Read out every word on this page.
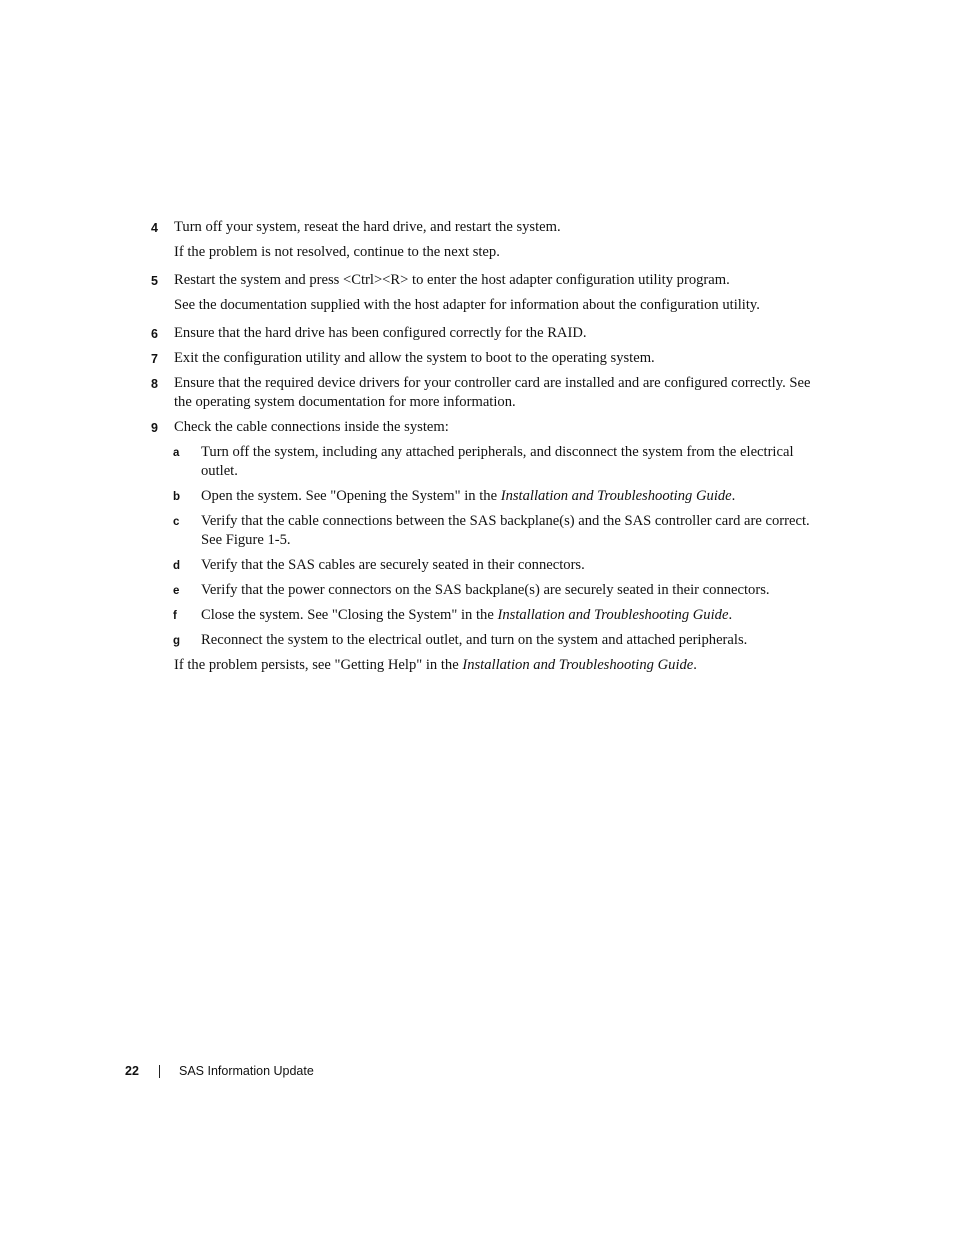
4 Turn off your system, reseat the hard drive, and restart the system.
If the problem is not resolved, continue to the next step.
5 Restart the system and press <Ctrl><R> to enter the host adapter configuration utility program.
See the documentation supplied with the host adapter for information about the configuration utility.
6 Ensure that the hard drive has been configured correctly for the RAID.
7 Exit the configuration utility and allow the system to boot to the operating system.
8 Ensure that the required device drivers for your controller card are installed and are configured correctly. See the operating system documentation for more information.
9 Check the cable connections inside the system:
a Turn off the system, including any attached peripherals, and disconnect the system from the electrical outlet.
b Open the system. See "Opening the System" in the Installation and Troubleshooting Guide.
c Verify that the cable connections between the SAS backplane(s) and the SAS controller card are correct. See Figure 1-5.
d Verify that the SAS cables are securely seated in their connectors.
e Verify that the power connectors on the SAS backplane(s) are securely seated in their connectors.
f Close the system. See "Closing the System" in the Installation and Troubleshooting Guide.
g Reconnect the system to the electrical outlet, and turn on the system and attached peripherals.
If the problem persists, see "Getting Help" in the Installation and Troubleshooting Guide.
22	SAS Information Update
